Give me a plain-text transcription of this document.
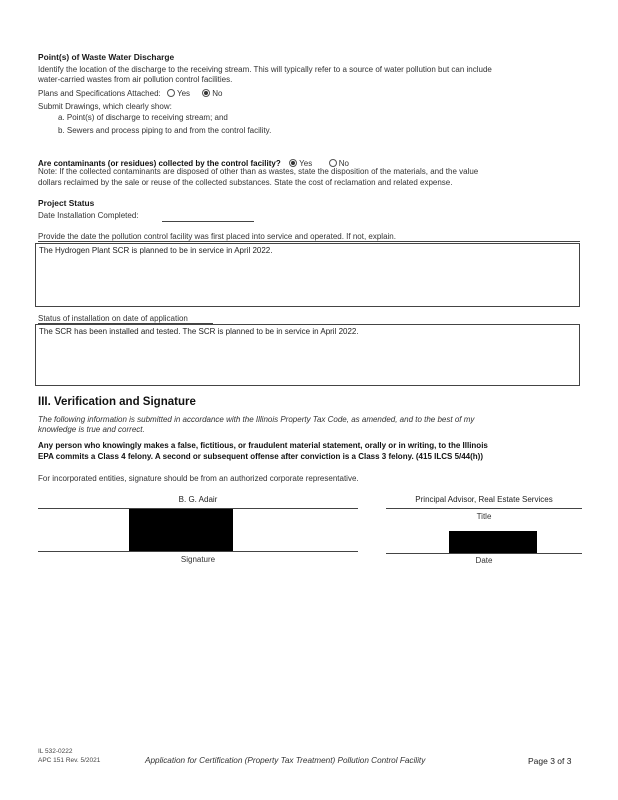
Point(s) of Waste Water Discharge
Identify the location of the discharge to the receiving stream. This will typically refer to a source of water pollution but can include
water-carried wastes from air pollution control facilities.
Plans and Specifications Attached: Yes	No
Submit Drawings, which clearly show:
a. Point(s) of discharge to receiving stream; and
b. Sewers and process piping to and from the control facility.
Are contaminants (or residues) collected by the control facility? Yes	No
Note: If the collected contaminants are disposed of other than as wastes, state the disposition of the materials, and the value
dollars reclaimed by the sale or reuse of the collected substances. State the cost of reclamation and related expense.
Project Status
Date Installation Completed:
Provide the date the pollution control facility was first placed into service and operated. If not, explain.
The Hydrogen Plant SCR is planned to be in service in April 2022.
Status of installation on date of application
The SCR has been installed and tested. The SCR is planned to be in service in April 2022.
III. Verification and Signature
The following information is submitted in accordance with the Illinois Property Tax Code, as amended, and to the best of my
knowledge is true and correct.
Any person who knowingly makes a false, fictitious, or fraudulent material statement, orally or in writing, to the Illinois
EPA commits a Class 4 felony. A second or subsequent offense after conviction is a Class 3 felony. (415 ILCS 5/44(h))
For incorporated entities, signature should be from an authorized corporate representative.
B. G. Adair
Signature
Principal Advisor, Real Estate Services
Title
Date
IL 532-0222
APC 151 Rev. 5/2021	Application for Certification (Property Tax Treatment) Pollution Control Facility	Page 3 of 3
